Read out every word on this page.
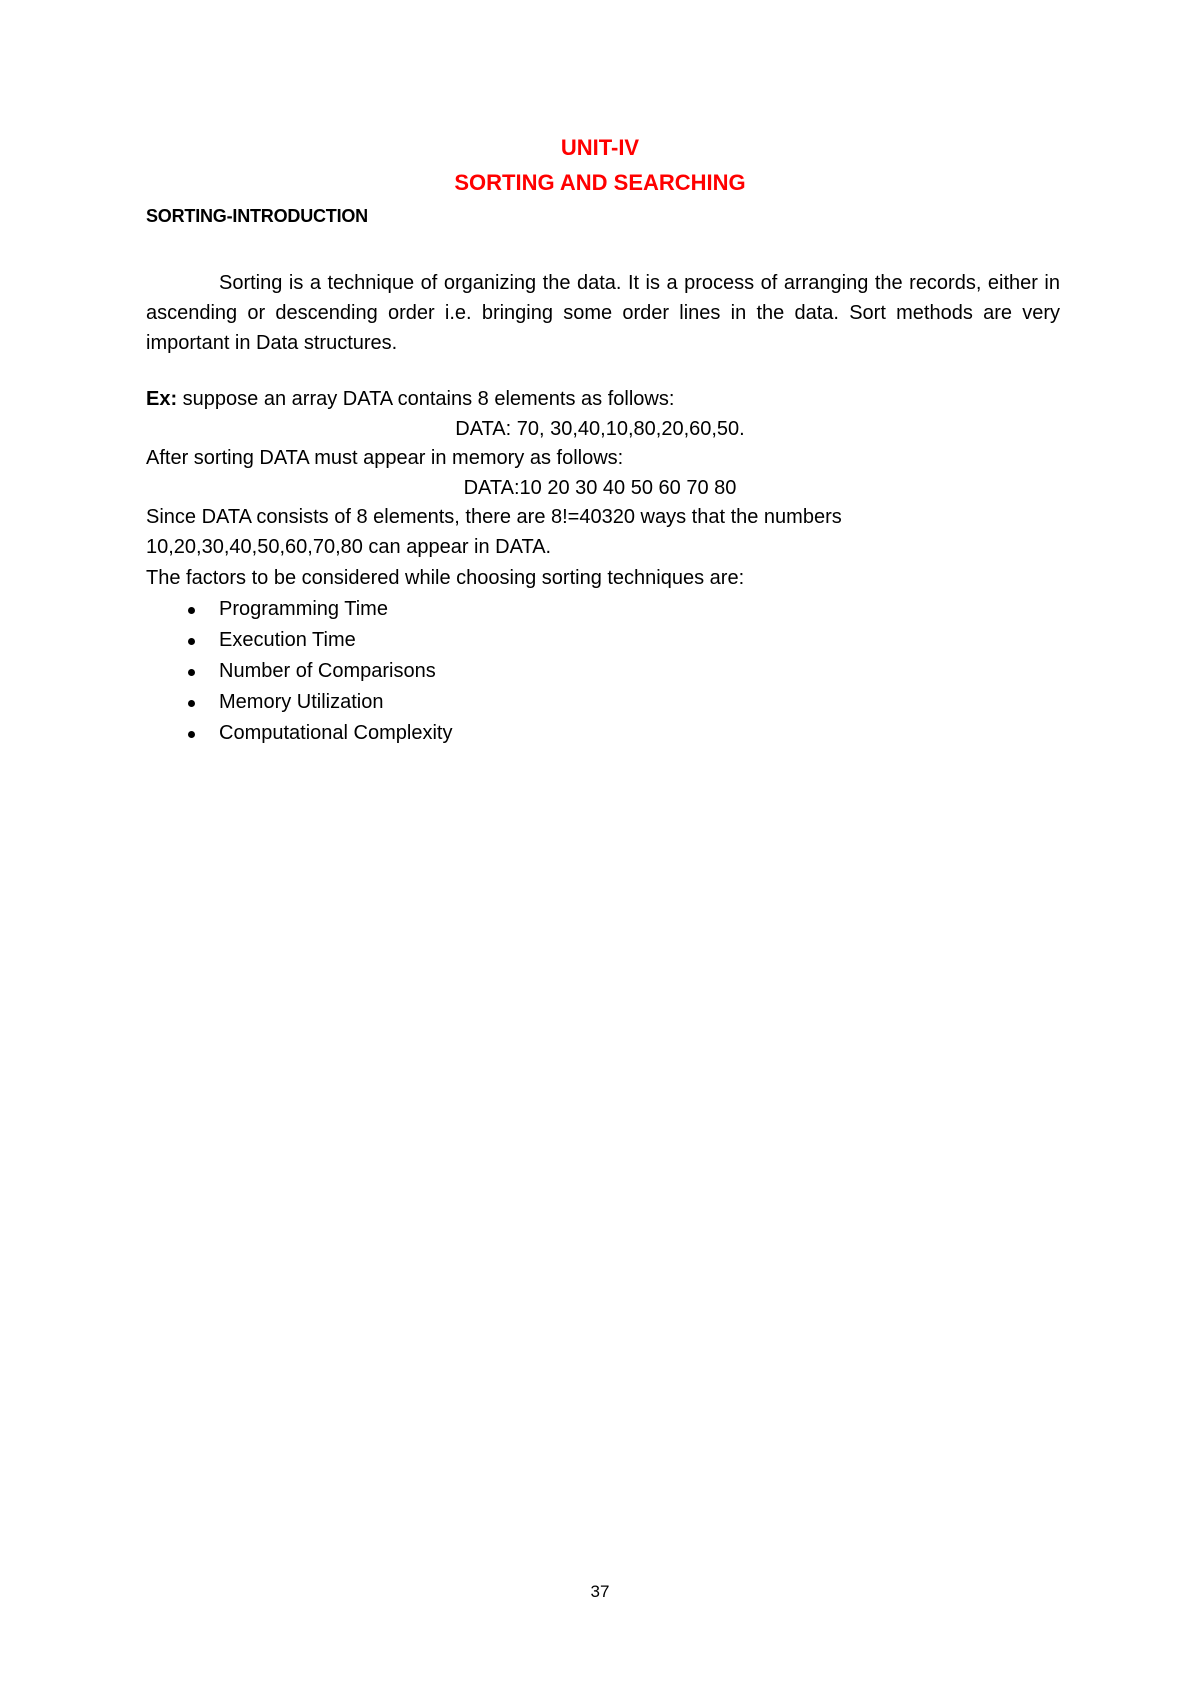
UNIT-IV
SORTING AND SEARCHING
SORTING-INTRODUCTION
Sorting is a technique of organizing the data. It is a process of arranging the records, either in ascending or descending order i.e. bringing some order lines in the data. Sort methods are very important in Data structures.
Ex: suppose an array DATA contains 8 elements as follows:
DATA: 70, 30,40,10,80,20,60,50.
After sorting DATA must appear in memory as follows:
DATA:10 20 30 40 50 60 70 80
Since DATA consists of 8 elements, there are 8!=40320 ways that the numbers
10,20,30,40,50,60,70,80 can appear in DATA.
The factors to be considered while choosing sorting techniques are:
Programming Time
Execution Time
Number of Comparisons
Memory Utilization
Computational Complexity
37
